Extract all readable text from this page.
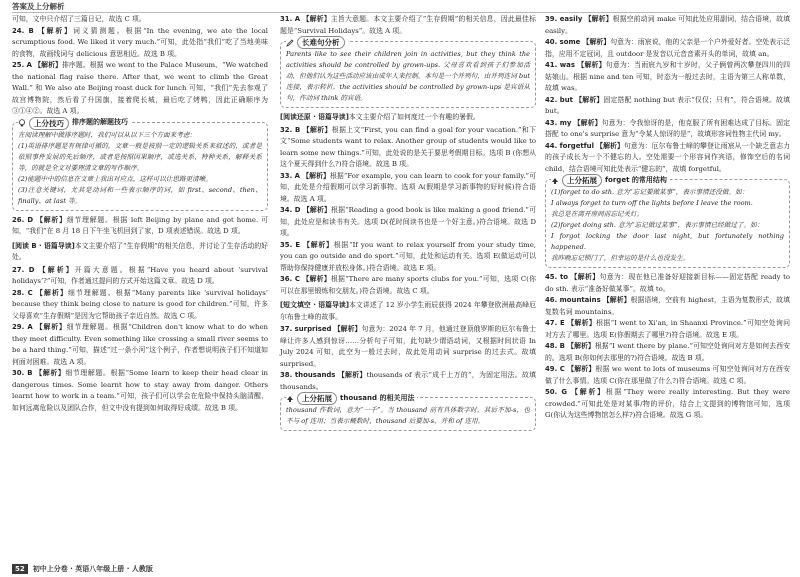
答案及上分解析

可知，文中只介绍了三篇日记，故选 C 项。

24. B 【解析】词义猜测题。根据“In the evening, we ate the local scrumptious food. We liked it very much.”可知，此处指“我们”吃了当地美味的食物，故画线词与 delicious 意思相近。故选 B 项。

25. A 【解析】排序题。根据 we went to the Palace Museum、“We watched the national flag raise there. After that, we went to climb the Great Wall.” 和 We also ate Beijing roast duck for lunch 可知，“我们”先去参观了故宫博物院，然后看了升国旗，接着爬长城，最后吃了烤鸭，因此正确顺序为 ③①④②。故选 A 项。

上分技巧	排序题的解题技巧
在阅读理解中做排序题时，我们可以从以下三个方面来考虑：
(1)英语排序题是有规律可循的，文章一般是按照一定的逻辑关系来叙述的，或者是依照事件发展的先后顺序，或者是按照因果顺序，或选关系，特种关系，解释关系等，的就是全文对要理清文章的写作顺序。
(2)能题中中的信息在文章上我出对应点，这样可以让思路更清晰。
(3)注意关键词，尤其是动词和一些表示顺序的词，如 first、second、then、finally、at last 等。

26. D 【解析】细节理解题。根据 left Beijing by plane and got home. 可知，“我们”在 8 月 18 日下午坐飞机回到了家，D 项表述错误。故选 D 项。

[阅读 B · 语篇导读]本文主要介绍了“生存假期”的相关信息，并讨论了生存活动的好处。

27. D 【解析】开篇大意题。根据“Have you heard about ‘survival holidays’?”可知，作者通过提问的方式开始这篇文章。故选 D 项。

28. C 【解析】细节理解题。根据“Many parents like ‘survival holidays’ because they think being close to nature is good for children.”可知，许多父母喜欢“生存假期”是因为它帮助孩子亲近自然。故选 C 项。

29. A 【解析】细节理解题。根据“Children don't know what to do when they meet difficulty. Even something like crossing a small river seems to be a hard thing.”可知，描述“过一条小河”这个例子，作者想说明孩子们不知道如何面对困难。故选 A 项。

30. B 【解析】细节理解题。根据“Some learn to keep their head clear in dangerous times. Some learnt how to stay away from danger. Others learnt how to work in a team.”可知，孩子们可以学会在危险中保持头脑清醒、如何远离危险以及团队合作，但文中没有提到如何取得好成绩。故选 B 项。

31. A 【解析】主旨大意题。本文主要介绍了“生存假期”的相关信息，因此最佳标题是“Survival Holidays”。故选 A 项。

长难句分析
Parents like to see their children join in activities, but they think the activities should be controlled by grown-ups. 父母喜欢看到孩子们参加活动，但他们认为这些活动应该由成年人来控制。本句是一个并列句，由并列连词 but 连接，表示转折。the activities should be controlled by grown-ups 是宾语从句，作动词 think 的宾语。

[阅读还原 · 语篇导读]本文主要介绍了如何度过一个有趣的暑假。

32. B 【解析】根据上文“First, you can find a goal for your vacation.”和下文“Some students want to relax. Another group of students would like to learn some new things.”可知，此处说的是关于要思考假期目标。选项 B (你想从这个夏天得到什么?)符合语境。故选 B 项。

33. A 【解析】根据“For example, you can learn to cook for your family.”可知，此处是介绍假期可以学习新事物。选项 A(假期是学习新事物的好时候)符合语境。故选 A 项。

34. D 【解析】根据“Reading a good book is like making a good friend.”可知，此处应是和读书有关。选项 D(花时间读书也是一个好主意。)符合语境。故选 D 项。

35. E 【解析】根据“If you want to relax yourself from your study time, you can go outside and do sport.”可知，此处和运动有关。选项 E(做运动可以帮助你保持健康并放松身体。)符合语境。故选 E 项。

36. C 【解析】根据“There are many sports clubs for you.”可知，选项 C(你可以在那里锻炼和交朋友。)符合语境。故选 C 项。

[短文填空 · 语篇导读]本文讲述了 12 岁小学生雨辰获得 2024 年攀登欧洲最高峰厄尔布鲁士峰的故事。

37. surprised 【解析】句意为：2024 年 7 月，他通过登顶俄罗斯的厄尔布鲁士峰让许多人感到惊讶……分析句子可知，此句缺少谓语动词，又根据时间状语 In July 2024 可知，此空为一般过去时，故此处用动词 surprise 的过去式。故填 surprised。

38. thousands 【解析】thousands of 表示“成千上万的”，为固定用法。故填 thousands。

上分拓展	thousand 的相关用法
thousand 作数词，意为“一千”。当 thousand 前有具体数字时，其后不加-s，也不与 of 连用；当表示概数时，thousand 后要加-s，并和 of 连用。

39. easily 【解析】根据空前动词 make 可知此处应用副词，结合语境，故填 easily。

40. some 【解析】句意为：雨宸说，他的父亲是一个户外爱好者。空处表示泛指，应用不定冠词，且 outdoor 是发音以元音音素开头的单词，故填 an。

41. was 【解析】句意为：当雨宸九岁和十岁时，父子俩曾两次攀登四川的四姑娘山。根据 nine and ten 可知，时态为一般过去时，主语为第三人称单数，故填 was。

42. but 【解析】固定搭配 nothing but 表示“仅仅；只有”，符合语境。故填 but。

43. my 【解析】句意为：令我惊讶的是，他克服了所有困难达成了目标。固定搭配 to one's surprise 意为“令某人惊讶的是”，故填形容词性物主代词 my。

44. forgetful 【解析】句意为：厄尔布鲁士峰的攀登让雨宸从一个缺乏意志力的孩子成长为一个不健忘的人。空处需要一个形容词作宾语，修饰空后的名词 child，结合语境可知此处表示“健忘的”，故填 forgetful。

上分拓展	forget 的常用结构
(1)forget to do sth. 意为“忘记要做某事”，表示事情还没做。如：
I always forget to turn off the lights before I leave the room.
我总是在离开房间前忘记关灯。
(2)forget doing sth. 意为“忘记做过某事”，表示事情已经做过了。如：
I forgot locking the door last night, but fortunately nothing happened.
我昨晚忘记锁门了，但幸运的是什么也没发生。

45. to 【解析】句意为：现在他已准备好迎接新目标——固定搭配 ready to do sth. 表示“准备好做某事”。故填 to。

46. mountains 【解析】根据语境，空前有 highest，主语为复数形式，故填复数名词 mountains。

47. E 【解析】根据“I went to Xi'an, in Shaanxi Province.”可知空处询问对方去了哪里。选项 E(你假期去了哪里?)符合语境。故选 E 项。

48. B 【解析】根据“I went there by plane.”可知空处询问对方是如何去西安的。选项 B(你如何去那里的?)符合语境。故选 B 项。

49. C 【解析】根据 we went to lots of museums 可知空处询问对方在西安做了什么事情。选项 C(你在那里做了什么?)符合语境。故选 C 项。

50. G 【解析】根据“They were really interesting. But they were crowded.”可知此处是对某事/物的评价，结合上文提到的博物馆可知，选项 G(你认为这些博物馆怎么样?)符合语境。故选 G 项。

52	初中上分卷 · 英语八年级上册 · 人教版
